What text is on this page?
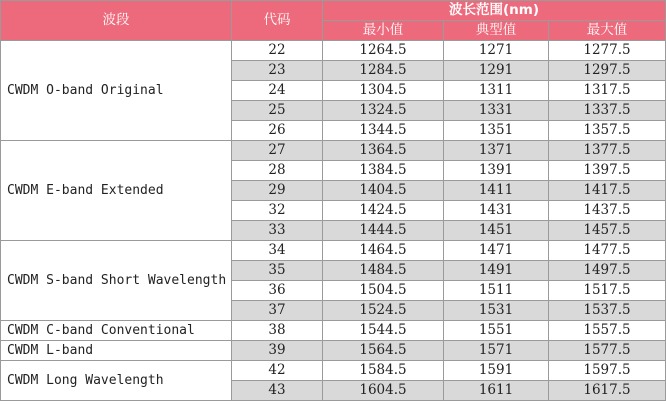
波段	代码	波长范围(nm)		
		最小值	典型值	最大值
CWDM O-band Original	22	1264.5	1271	1277.5
	23	1284.5	1291	1297.5
	24	1304.5	1311	1317.5
	25	1324.5	1331	1337.5
	26	1344.5	1351	1357.5
CWDM E-band Extended	27	1364.5	1371	1377.5
	28	1384.5	1391	1397.5
	29	1404.5	1411	1417.5
	32	1424.5	1431	1437.5
	33	1444.5	1451	1457.5
CWDM S-band Short Wavelength	34	1464.5	1471	1477.5
	35	1484.5	1491	1497.5
	36	1504.5	1511	1517.5
	37	1524.5	1531	1537.5
CWDM C-band Conventional	38	1544.5	1551	1557.5
CWDM L-band	39	1564.5	1571	1577.5
CWDM Long Wavelength	42	1584.5	1591	1597.5
	43	1604.5	1611	1617.5
